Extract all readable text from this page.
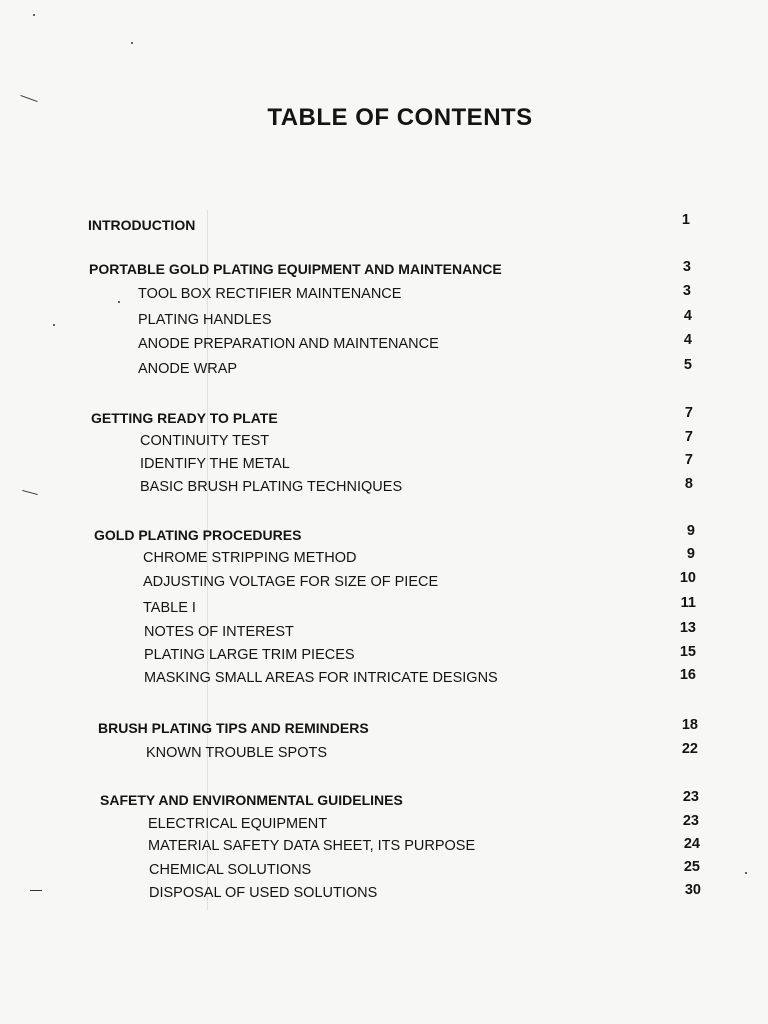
TABLE OF CONTENTS
INTRODUCTION	1
PORTABLE GOLD PLATING EQUIPMENT AND MAINTENANCE	3
TOOL BOX RECTIFIER MAINTENANCE	3
PLATING HANDLES	4
ANODE PREPARATION AND MAINTENANCE	4
ANODE WRAP	5
GETTING READY TO PLATE	7
CONTINUITY TEST	7
IDENTIFY THE METAL	7
BASIC BRUSH PLATING TECHNIQUES	8
GOLD PLATING PROCEDURES	9
CHROME STRIPPING METHOD	9
ADJUSTING VOLTAGE FOR SIZE OF PIECE	10
TABLE I	11
NOTES OF INTEREST	13
PLATING LARGE TRIM PIECES	15
MASKING SMALL AREAS FOR INTRICATE DESIGNS	16
BRUSH PLATING TIPS AND REMINDERS	18
KNOWN TROUBLE SPOTS	22
SAFETY AND ENVIRONMENTAL GUIDELINES	23
ELECTRICAL EQUIPMENT	23
MATERIAL SAFETY DATA SHEET, ITS PURPOSE	24
CHEMICAL SOLUTIONS	25
DISPOSAL OF USED SOLUTIONS	30
